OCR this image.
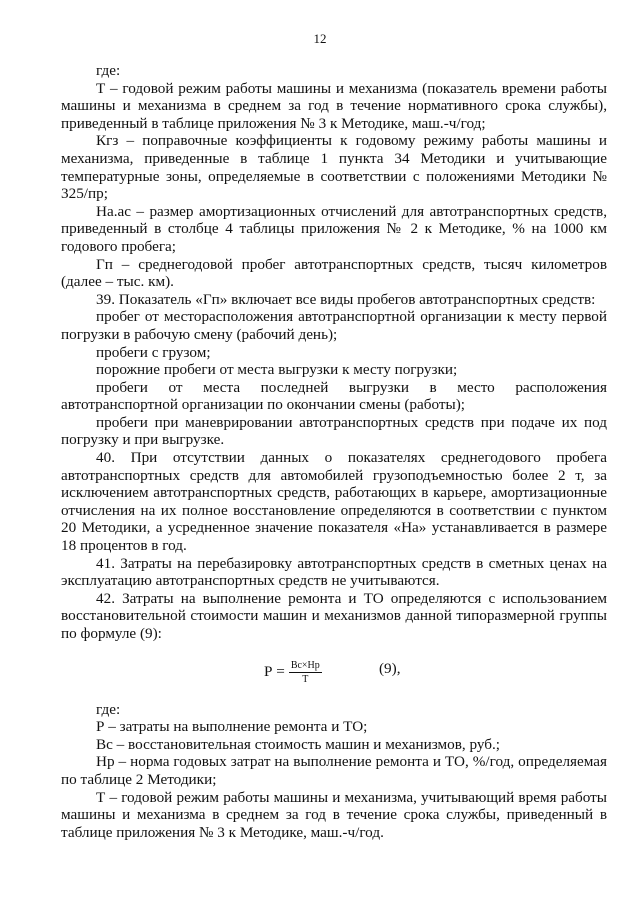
12

где:

Т – годовой режим работы машины и механизма (показатель времени работы машины и механизма в среднем за год в течение нормативного срока службы), приведенный в таблице приложения № 3 к Методике, маш.-ч/год;

Кгз – поправочные коэффициенты к годовому режиму работы машины и механизма, приведенные в таблице 1 пункта 34 Методики и учитывающие температурные зоны, определяемые в соответствии с положениями Методики № 325/пр;

На.ас – размер амортизационных отчислений для автотранспортных средств, приведенный в столбце 4 таблицы приложения № 2 к Методике, % на 1000 км годового пробега;

Гп – среднегодовой пробег автотранспортных средств, тысяч километров (далее – тыс. км).

39. Показатель «Гп» включает все виды пробегов автотранспортных средств:

пробег от месторасположения автотранспортной организации к месту первой погрузки в рабочую смену (рабочий день);

пробеги с грузом;

порожние пробеги от места выгрузки к месту погрузки;

пробеги от места последней выгрузки в место расположения автотранспортной организации по окончании смены (работы);

пробеги при маневрировании автотранспортных средств при подаче их под погрузку и при выгрузке.

40. При отсутствии данных о показателях среднегодового пробега автотранспортных средств для автомобилей грузоподъемностью более 2 т, за исключением автотранспортных средств, работающих в карьере, амортизационные отчисления на их полное восстановление определяются в соответствии с пунктом 20 Методики, а усредненное значение показателя «На» устанавливается в размере 18 процентов в год.

41. Затраты на перебазировку автотранспортных средств в сметных ценах на эксплуатацию автотранспортных средств не учитываются.

42. Затраты на выполнение ремонта и ТО определяются с использованием восстановительной стоимости машин и механизмов данной типоразмерной группы по формуле (9):

$Р = \frac{Вс\times Нр}{Т}$	(9),

где:

Р – затраты на выполнение ремонта и ТО;

Вс – восстановительная стоимость машин и механизмов, руб.;

Нр – норма годовых затрат на выполнение ремонта и ТО, %/год, определяемая по таблице 2 Методики;

Т – годовой режим работы машины и механизма, учитывающий время работы машины и механизма в среднем за год в течение срока службы, приведенный в таблице приложения № 3 к Методике, маш.-ч/год.
